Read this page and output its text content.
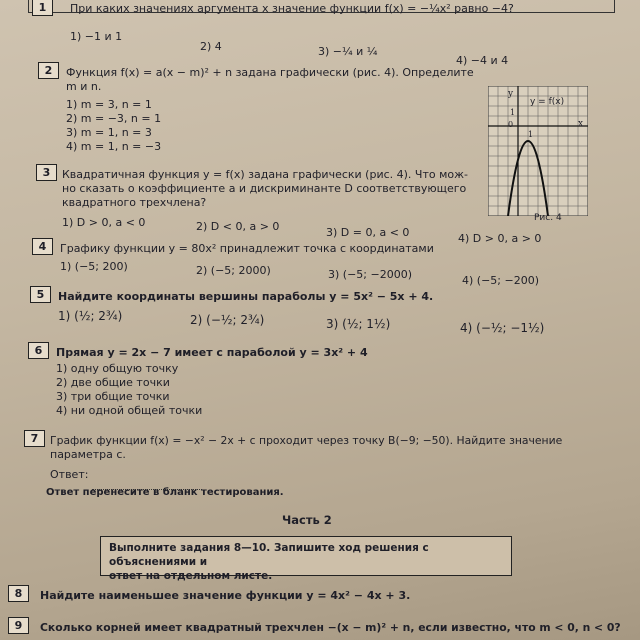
1	При каких значениях аргумента x значение функции f(x) = −¼x² равно −4?
1) −1 и 1
2) 4	3) −¼ и ¼
4) −4 и 4
2	Функция f(x) = a(x − m)² + n задана графически (рис. 4). Определите
m и n.
1) m = 3, n = 1
2) m = −3, n = 1
3) m = 1, n = 3
4) m = 1, n = −3
y = f(x)
y
x
0
1
1
Рис. 4
3	Квадратичная функция y = f(x) задана графически (рис. 4). Что мож-
но сказать о коэффициенте a и дискриминанте D соответствующего
квадратного трехчлена?
1) D > 0, a < 0	2) D < 0, a > 0	3) D = 0, a < 0	4) D > 0, a > 0
4	Графику функции y = 80x² принадлежит точка с координатами
1) (−5; 200)	2) (−5; 2000)	3) (−5; −2000)	4) (−5; −200)
5	Найдите координаты вершины параболы y = 5x² − 5x + 4.
1) (½; 2¾)	2) (−½; 2¾)	3) (½; 1½)	4) (−½; −1½)
6	Прямая y = 2x − 7 имеет с параболой y = 3x² + 4
1) одну общую точку
2) две общие точки
3) три общие точки
4) ни одной общей точки
7	График функции f(x) = −x² − 2x + c проходит через точку B(−9; −50). Найдите значение
параметра c.
Ответ:
Ответ перенесите в бланк тестирования.
Часть 2
Выполните задания 8—10. Запишите ход решения с объяснениями и
ответ на отдельном листе.
8	Найдите наименьшее значение функции y = 4x² − 4x + 3.
9	Сколько корней имеет квадратный трехчлен −(x − m)² + n, если известно, что m < 0, n < 0?
